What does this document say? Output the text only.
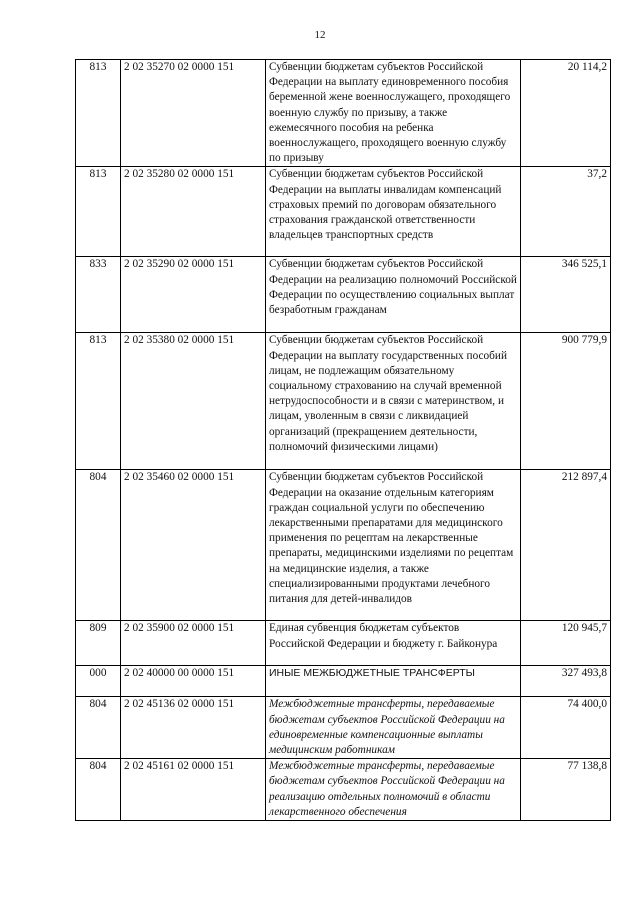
12
813	2 02 35270 02 0000 151	Субвенции бюджетам субъектов Российской Федерации на выплату единовременного пособия беременной жене военнослужащего, проходящего военную службу по призыву, а также ежемесячного пособия на ребенка военнослужащего, проходящего военную службу по призыву	20 114,2
813	2 02 35280 02 0000 151	Субвенции бюджетам субъектов Российской Федерации на выплаты инвалидам компенсаций страховых премий по договорам обязательного страхования гражданской ответственности владельцев транспортных средств	37,2
833	2 02 35290 02 0000 151	Субвенции бюджетам субъектов Российской Федерации на реализацию полномочий Российской Федерации по осуществлению социальных выплат безработным гражданам	346 525,1
813	2 02 35380 02 0000 151	Субвенции бюджетам субъектов Российской Федерации на выплату государственных пособий лицам, не подлежащим обязательному социальному страхованию на случай временной нетрудоспособности и в связи с материнством, и лицам, уволенным в связи с ликвидацией организаций (прекращением деятельности, полномочий физическими лицами)	900 779,9
804	2 02 35460 02 0000 151	Субвенции бюджетам субъектов Российской Федерации на оказание отдельным категориям граждан социальной услуги по обеспечению лекарственными препаратами для медицинского применения по рецептам на лекарственные препараты, медицинскими изделиями по рецептам на медицинские изделия, а также специализированными продуктами лечебного питания для детей-инвалидов	212 897,4
809	2 02 35900 02 0000 151	Единая субвенция бюджетам субъектов Российской Федерации и бюджету г. Байконура	120 945,7
000	2 02 40000 00 0000 151	ИНЫЕ МЕЖБЮДЖЕТНЫЕ ТРАНСФЕРТЫ	327 493,8
804	2 02 45136 02 0000 151	Межбюджетные трансферты, передаваемые бюджетам субъектов Российской Федерации на единовременные компенсационные выплаты медицинским работникам	74 400,0
804	2 02 45161 02 0000 151	Межбюджетные трансферты, передаваемые бюджетам субъектов Российской Федерации на реализацию отдельных полномочий в области лекарственного обеспечения	77 138,8
